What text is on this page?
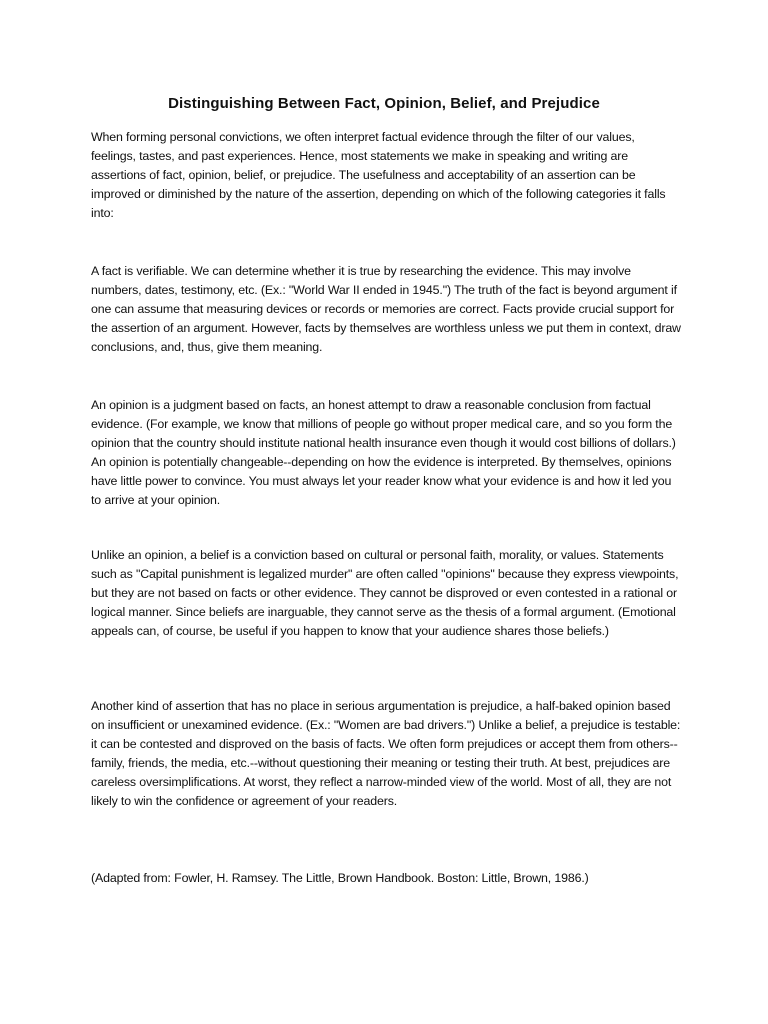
Distinguishing Between Fact, Opinion, Belief, and Prejudice

When forming personal convictions, we often interpret factual evidence through the filter of our values, feelings, tastes, and past experiences. Hence, most statements we make in speaking and writing are assertions of fact, opinion, belief, or prejudice. The usefulness and acceptability of an assertion can be improved or diminished by the nature of the assertion, depending on which of the following categories it falls into:

A fact is verifiable. We can determine whether it is true by researching the evidence. This may involve numbers, dates, testimony, etc. (Ex.: "World War II ended in 1945.") The truth of the fact is beyond argument if one can assume that measuring devices or records or memories are correct. Facts provide crucial support for the assertion of an argument. However, facts by themselves are worthless unless we put them in context, draw conclusions, and, thus, give them meaning.

An opinion is a judgment based on facts, an honest attempt to draw a reasonable conclusion from factual evidence. (For example, we know that millions of people go without proper medical care, and so you form the opinion that the country should institute national health insurance even though it would cost billions of dollars.) An opinion is potentially changeable--depending on how the evidence is interpreted. By themselves, opinions have little power to convince. You must always let your reader know what your evidence is and how it led you to arrive at your opinion.

Unlike an opinion, a belief is a conviction based on cultural or personal faith, morality, or values. Statements such as "Capital punishment is legalized murder" are often called "opinions" because they express viewpoints, but they are not based on facts or other evidence. They cannot be disproved or even contested in a rational or logical manner. Since beliefs are inarguable, they cannot serve as the thesis of a formal argument. (Emotional appeals can, of course, be useful if you happen to know that your audience shares those beliefs.)

Another kind of assertion that has no place in serious argumentation is prejudice, a half-baked opinion based on insufficient or unexamined evidence. (Ex.: "Women are bad drivers.") Unlike a belief, a prejudice is testable: it can be contested and disproved on the basis of facts. We often form prejudices or accept them from others--family, friends, the media, etc.--without questioning their meaning or testing their truth. At best, prejudices are careless oversimplifications. At worst, they reflect a narrow-minded view of the world. Most of all, they are not likely to win the confidence or agreement of your readers.

(Adapted from: Fowler, H. Ramsey. The Little, Brown Handbook. Boston: Little, Brown, 1986.)
